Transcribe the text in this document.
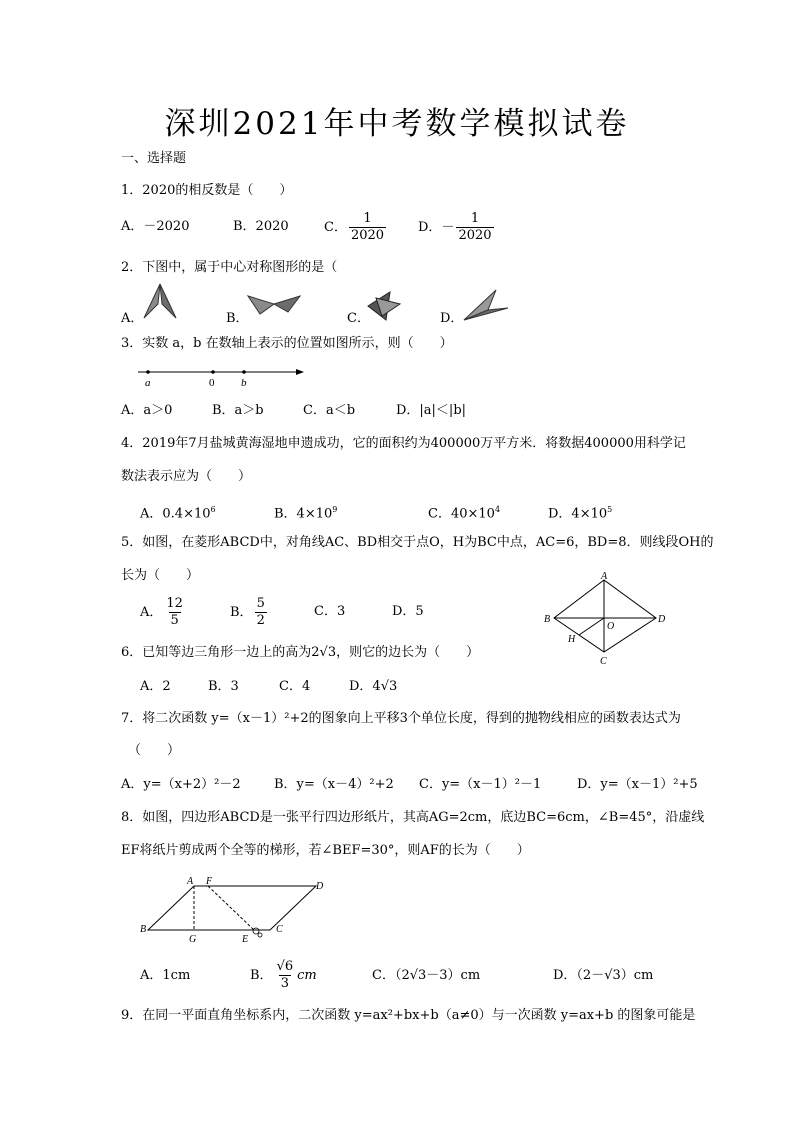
深圳2021年中考数学模拟试卷
一、选择题
1．2020的相反数是（　　）
A．－2020	B．2020	C． $\frac{1}{2020}$ D．－ $\frac{1}{2020}$
2．下图中，属于中心对称图形的是（
A．	B．	C．	D．
3．实数 a，b 在数轴上表示的位置如图所示，则（　　）
a	0 b
A．a＞0	B．a＞b	C．a＜b	D．|a|＜|b|
4．2019年7月盐城黄海湿地申遗成功，它的面积约为400000万平方米．将数据400000用科学记
数法表示应为（　　）
A．$0.4\times 10^6$	B．$4\times 10^9$	C．$40\times 10^4$	D．$4\times 10^5$
5．如图，在菱形ABCD中，对角线AC、BD相交于点O，H为BC中点，AC=6，BD=8．则线段OH的
长为（　　）
A． $\frac{12}{5}$	B． $\frac{5}{2}$	C．3	D．5
A
B
C
D
O
H
6．已知等边三角形一边上的高为2√3，则它的边长为（　　）
A．2	B．3	C．4	D．4√3
7．将二次函数 y=（x－1）²+2的图象向上平移3个单位长度，得到的抛物线相应的函数表达式为
（　　）
A．y=（x+2）²－2	B．y=（x－4）²+2 C．y=（x－1）²－1	D．y=（x－1）²+5
8．如图，四边形ABCD是一张平行四边形纸片，其高AG=2cm，底边BC=6cm，∠B=45°，沿虚线
EF将纸片剪成两个全等的梯形，若∠BEF=30°，则AF的长为（　　）
A F	D
B
G	E
C
A．1cm	B． $\frac{√6}{3}$ cm	C．（2√3－3）cm	D．（2－√3）cm
9．在同一平面直角坐标系内，二次函数 y=ax²+bx+b（a≠0）与一次函数 y=ax+b 的图象可能是
